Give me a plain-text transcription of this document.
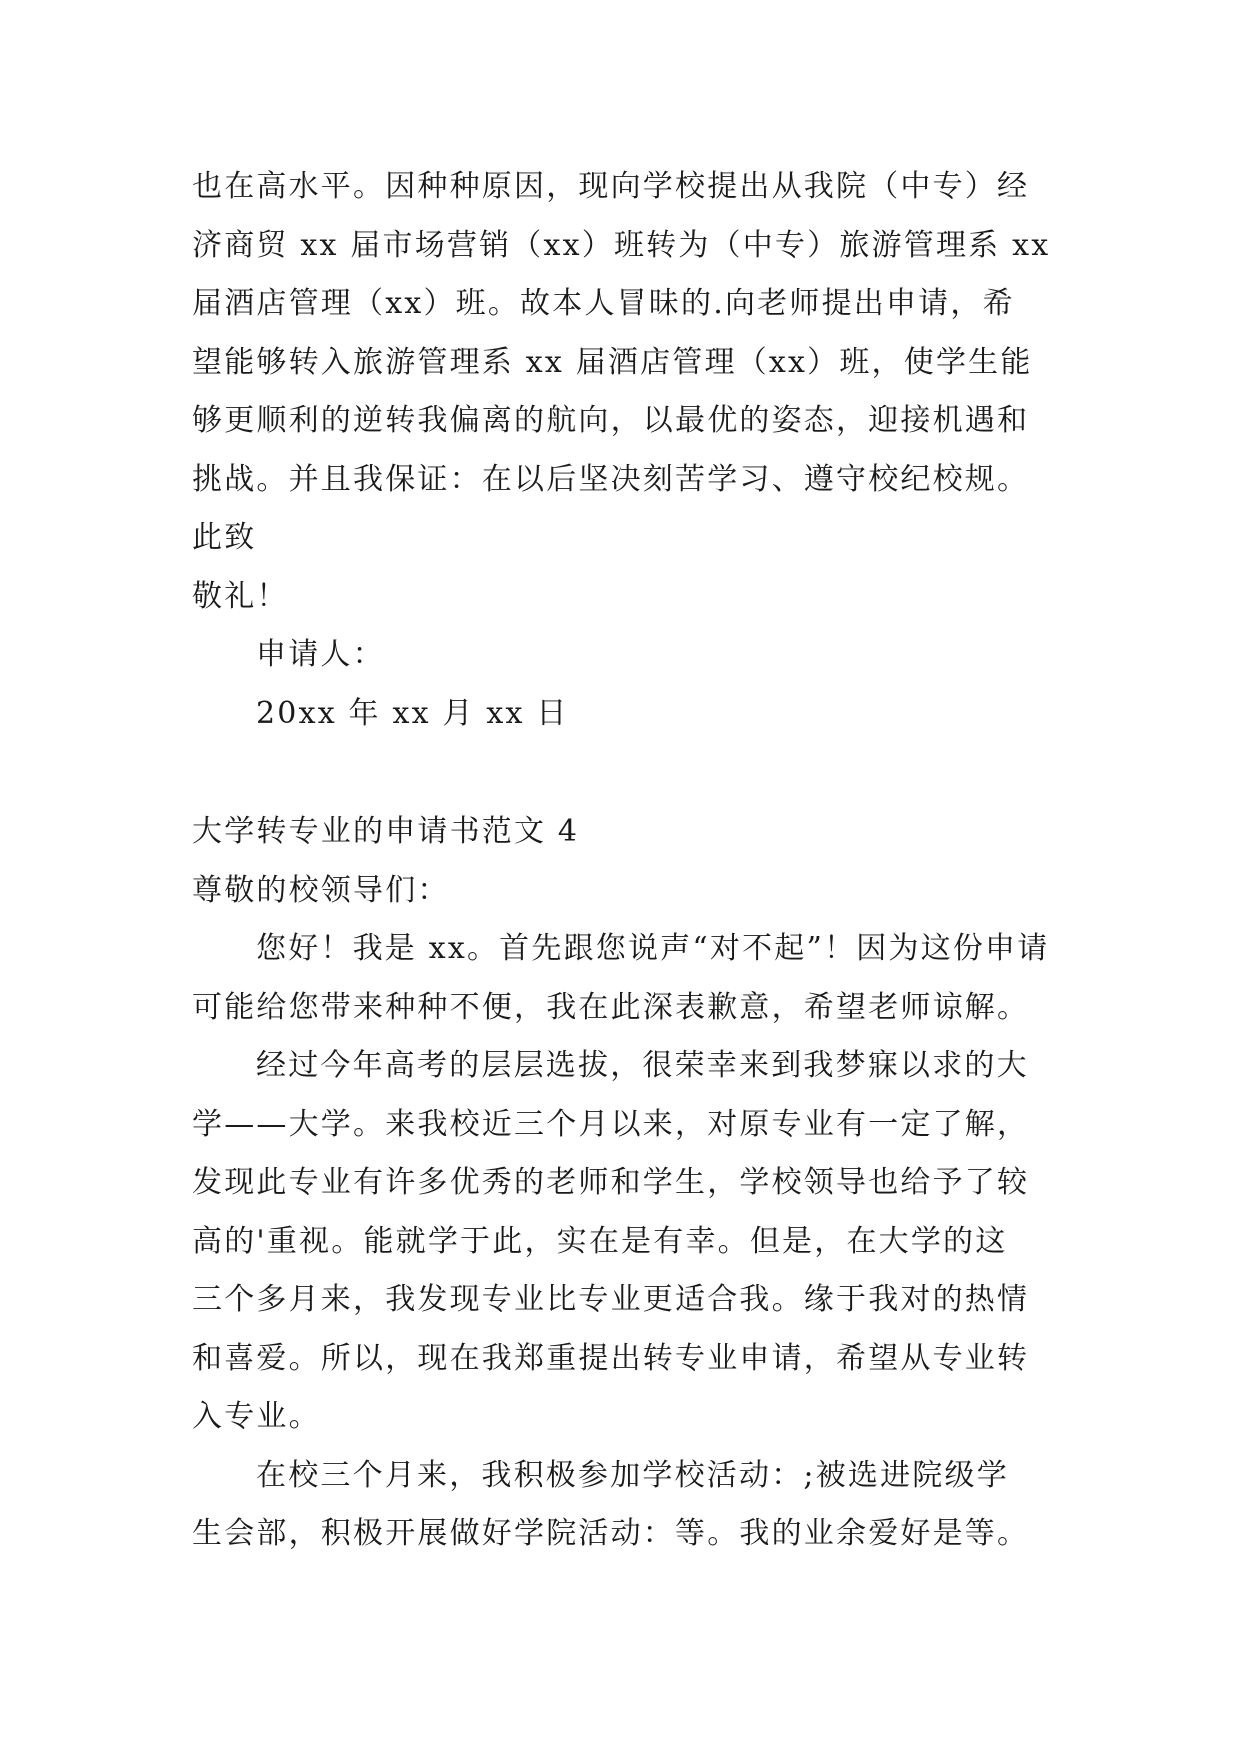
也在高水平。因种种原因，现向学校提出从我院（中专）经
济商贸 xx 届市场营销（xx）班转为（中专）旅游管理系 xx
届酒店管理（xx）班。故本人冒昧的.向老师提出申请，希
望能够转入旅游管理系 xx 届酒店管理（xx）班，使学生能
够更顺利的逆转我偏离的航向，以最优的姿态，迎接机遇和
挑战。并且我保证：在以后坚决刻苦学习、遵守校纪校规。
此致
敬礼！
申请人：
20xx 年 xx 月 xx 日
大学转专业的申请书范文 4
尊敬的校领导们：
您好！我是 xx。首先跟您说声“对不起”！因为这份申请
可能给您带来种种不便，我在此深表歉意，希望老师谅解。
经过今年高考的层层选拔，很荣幸来到我梦寐以求的大
学——大学。来我校近三个月以来，对原专业有一定了解，
发现此专业有许多优秀的老师和学生，学校领导也给予了较
高的'重视。能就学于此，实在是有幸。但是，在大学的这
三个多月来，我发现专业比专业更适合我。缘于我对的热情
和喜爱。所以，现在我郑重提出转专业申请，希望从专业转
入专业。
在校三个月来，我积极参加学校活动：;被选进院级学
生会部，积极开展做好学院活动：等。我的业余爱好是等。
